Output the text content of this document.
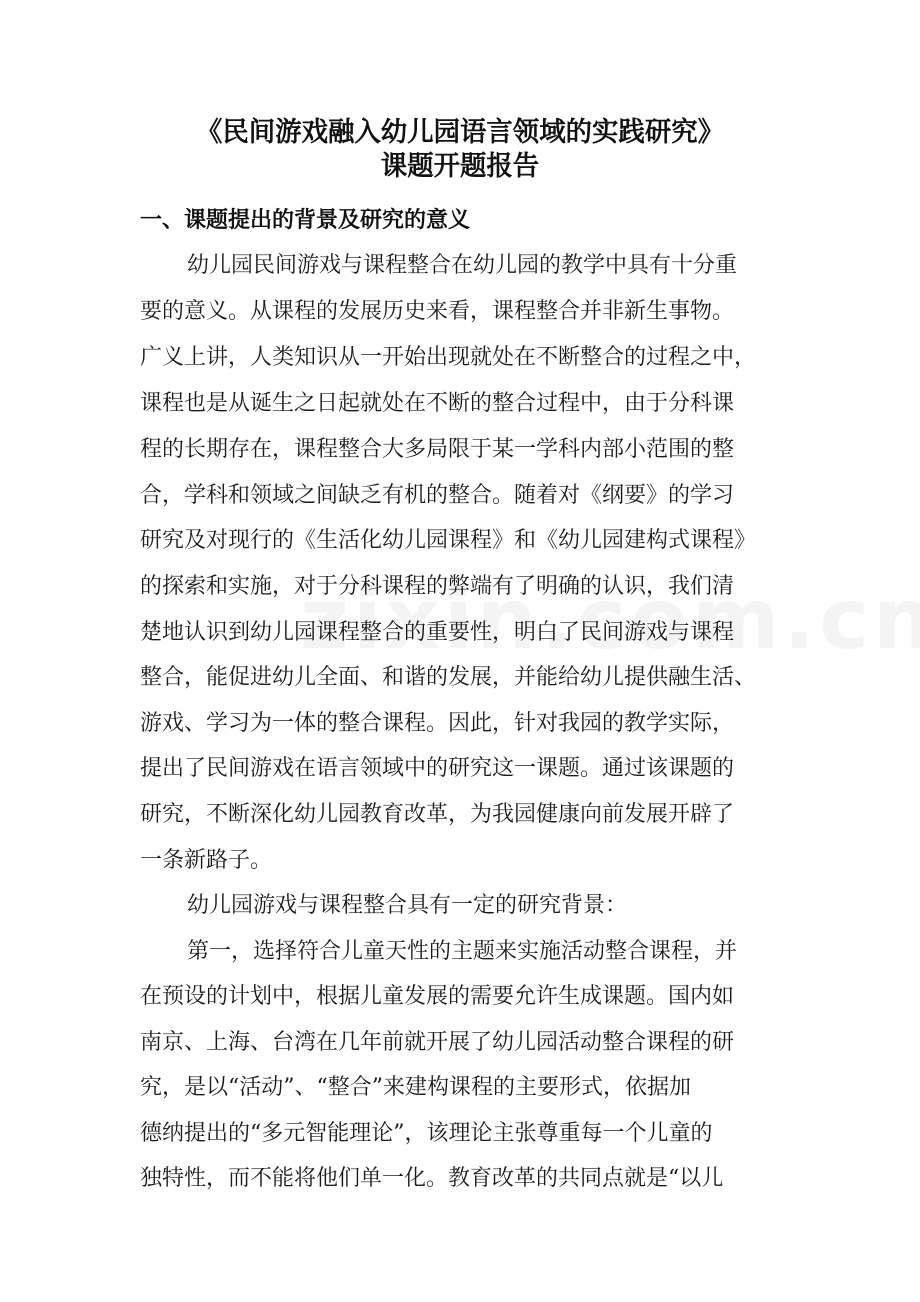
《民间游戏融入幼儿园语言领域的实践研究》
课题开题报告
一、课题提出的背景及研究的意义
幼儿园民间游戏与课程整合在幼儿园的教学中具有十分重
要的意义。从课程的发展历史来看，课程整合并非新生事物。
广义上讲，人类知识从一开始出现就处在不断整合的过程之中，
课程也是从诞生之日起就处在不断的整合过程中，由于分科课
程的长期存在，课程整合大多局限于某一学科内部小范围的整
合，学科和领域之间缺乏有机的整合。随着对《纲要》的学习
研究及对现行的《生活化幼儿园课程》和《幼儿园建构式课程》
的探索和实施，对于分科课程的弊端有了明确的认识，我们清
楚地认识到幼儿园课程整合的重要性，明白了民间游戏与课程
整合，能促进幼儿全面、和谐的发展，并能给幼儿提供融生活、
游戏、学习为一体的整合课程。因此，针对我园的教学实际，
提出了民间游戏在语言领域中的研究这一课题。通过该课题的
研究，不断深化幼儿园教育改革，为我园健康向前发展开辟了
一条新路子。
幼儿园游戏与课程整合具有一定的研究背景：
第一，选择符合儿童天性的主题来实施活动整合课程，并
在预设的计划中，根据儿童发展的需要允许生成课题。国内如
南京、上海、台湾在几年前就开展了幼儿园活动整合课程的研
究，是以“活动”、“整合”来建构课程的主要形式，依据加
德纳提出的“多元智能理论”，该理论主张尊重每一个儿童的
独特性，而不能将他们单一化。教育改革的共同点就是“以儿
